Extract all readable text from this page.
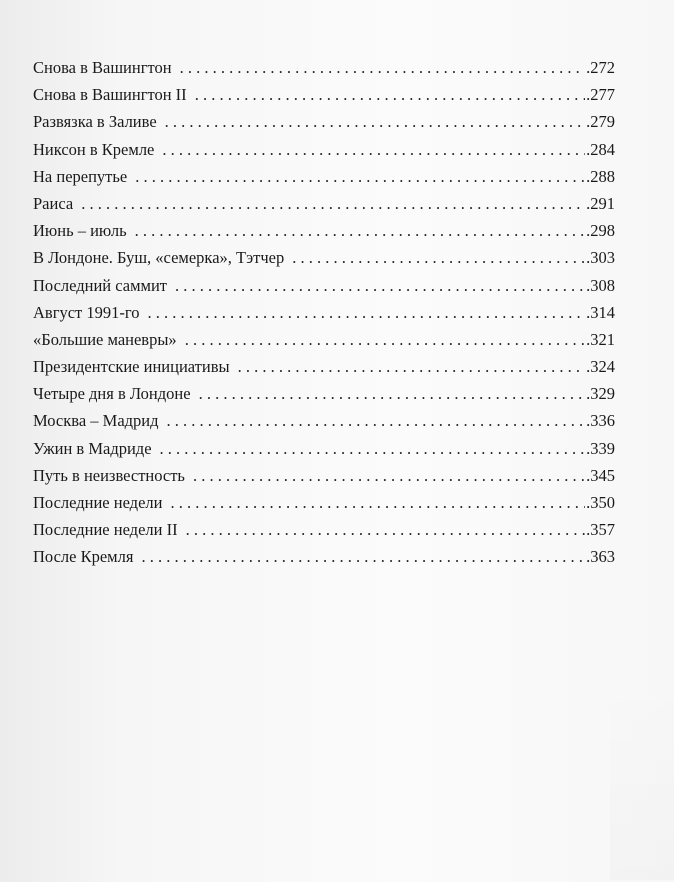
Снова в Вашингтон . . .	.272
Снова в Вашингтон II . . .	.277
Развязка в Заливе . . .	.279
Никсон в Кремле . . .	.284
На перепутье . . .	.288
Раиса . . .	.291
Июнь – июль . . .	.298
В Лондоне. Буш, «семерка», Тэтчер . . .	.303
Последний саммит . . .	.308
Август 1991-го . . .	.314
«Большие маневры» . . .	.321
Президентские инициативы . . .	.324
Четыре дня в Лондоне . . .	.329
Москва – Мадрид . . .	.336
Ужин в Мадриде . . .	.339
Путь в неизвестность . . .	.345
Последние недели . . .	.350
Последние недели II . . .	.357
После Кремля . . .	.363
